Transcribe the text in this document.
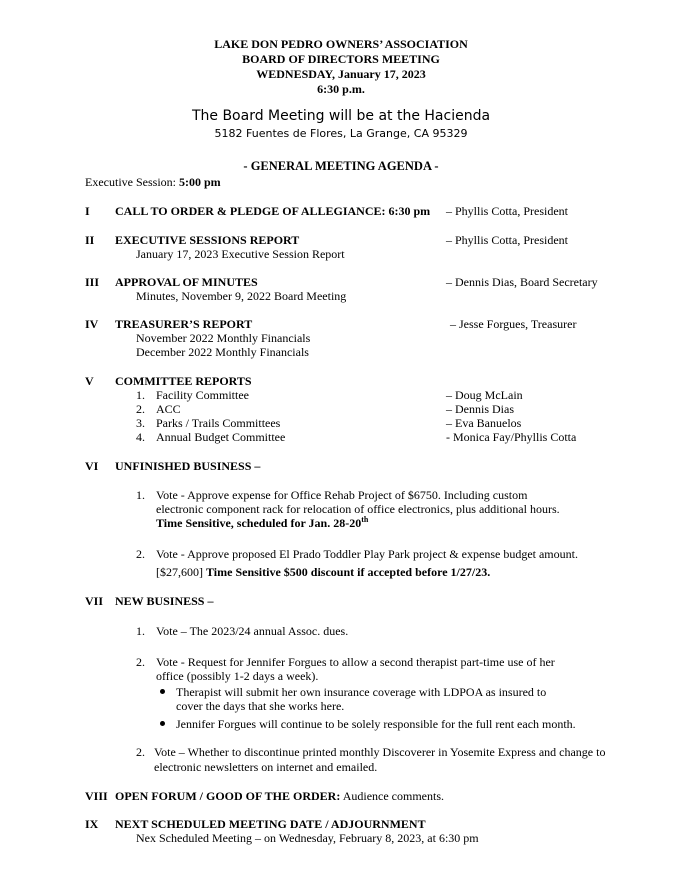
LAKE DON PEDRO OWNERS’ ASSOCIATION
BOARD OF DIRECTORS MEETING
WEDNESDAY, January 17, 2023
6:30 p.m.
The Board Meeting will be at the Hacienda
5182 Fuentes de Flores, La Grange, CA 95329
- GENERAL MEETING AGENDA -
Executive Session: 5:00 pm
I CALL TO ORDER & PLEDGE OF ALLEGIANCE: 6:30 pm – Phyllis Cotta, President
II EXECUTIVE SESSIONS REPORT	– Phyllis Cotta, President
January 17, 2023 Executive Session Report
III APPROVAL OF MINUTES	– Dennis Dias, Board Secretary
Minutes, November 9, 2022 Board Meeting
IV TREASURER’S REPORT	– Jesse Forgues, Treasurer
November 2022 Monthly Financials
December 2022 Monthly Financials
V COMMITTEE REPORTS
1. Facility Committee	– Doug McLain
2. ACC	– Dennis Dias
3. Parks / Trails Committees	– Eva Banuelos
4. Annual Budget Committee	- Monica Fay/Phyllis Cotta
VI UNFINISHED BUSINESS –
1. Vote - Approve expense for Office Rehab Project of $6750. Including custom
electronic component rack for relocation of office electronics, plus additional hours.
Time Sensitive, scheduled for Jan. 28-20th
2. Vote - Approve proposed El Prado Toddler Play Park project & expense budget amount.
[$27,600] Time Sensitive $500 discount if accepted before 1/27/23.
VII NEW BUSINESS –
1. Vote – The 2023/24 annual Assoc. dues.
2. Vote - Request for Jennifer Forgues to allow a second therapist part-time use of her
office (possibly 1-2 days a week).
Therapist will submit her own insurance coverage with LDPOA as insured to
cover the days that she works here.
Jennifer Forgues will continue to be solely responsible for the full rent each month.
2. Vote – Whether to discontinue printed monthly Discoverer in Yosemite Express and change to
electronic newsletters on internet and emailed.
VIII OPEN FORUM / GOOD OF THE ORDER: Audience comments.
IX NEXT SCHEDULED MEETING DATE / ADJOURNMENT
Nex Scheduled Meeting – on Wednesday, February 8, 2023, at 6:30 pm
